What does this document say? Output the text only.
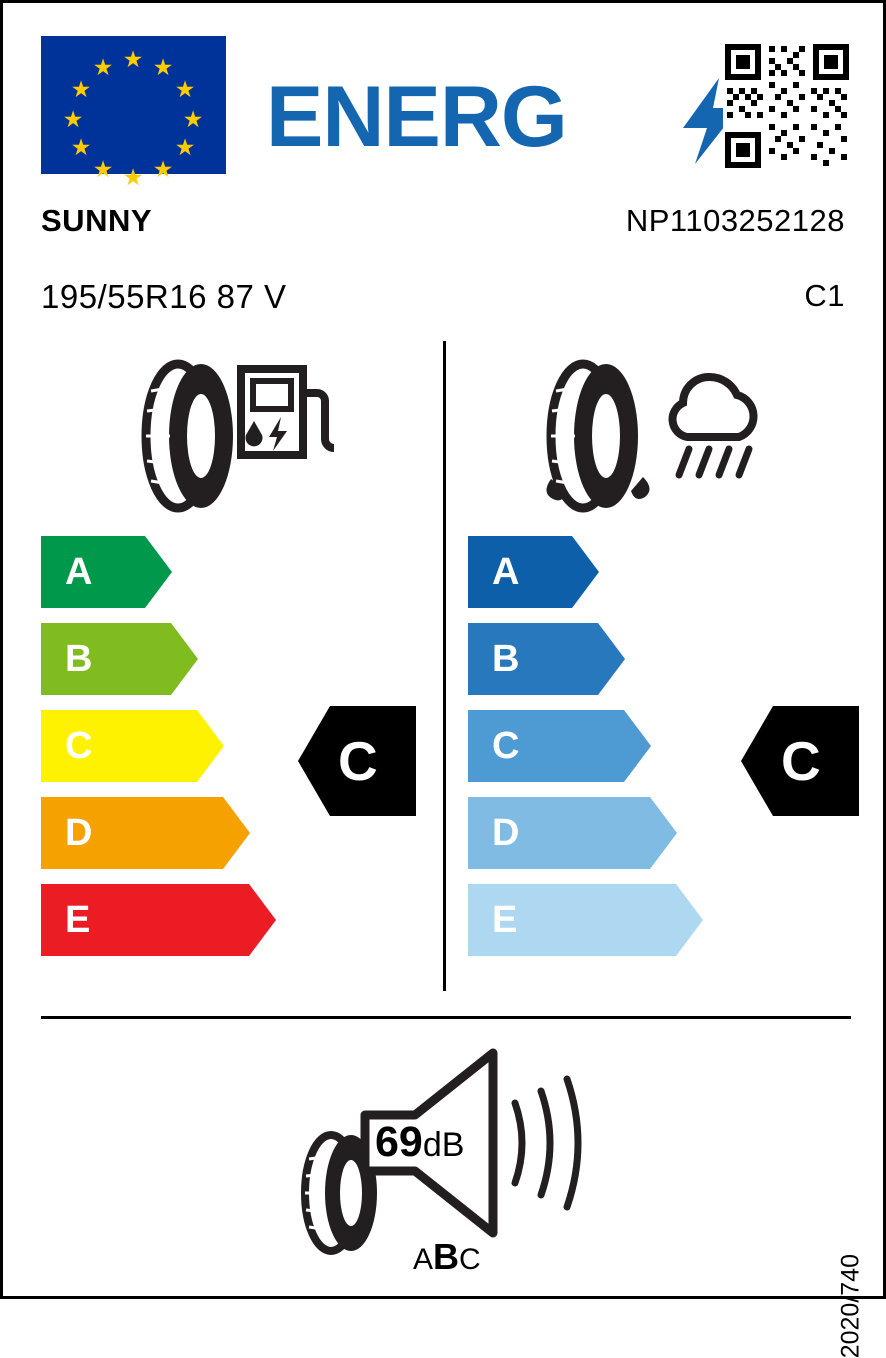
★ ★
★
★
★
★
★
★
★
★
★
★
ENERG
SUNNY	NP1103252128
195/55R16 87 V	C1
A
B
C
D
E
A
B
C
D
E
C	C
69dB
ABC	2020/740
